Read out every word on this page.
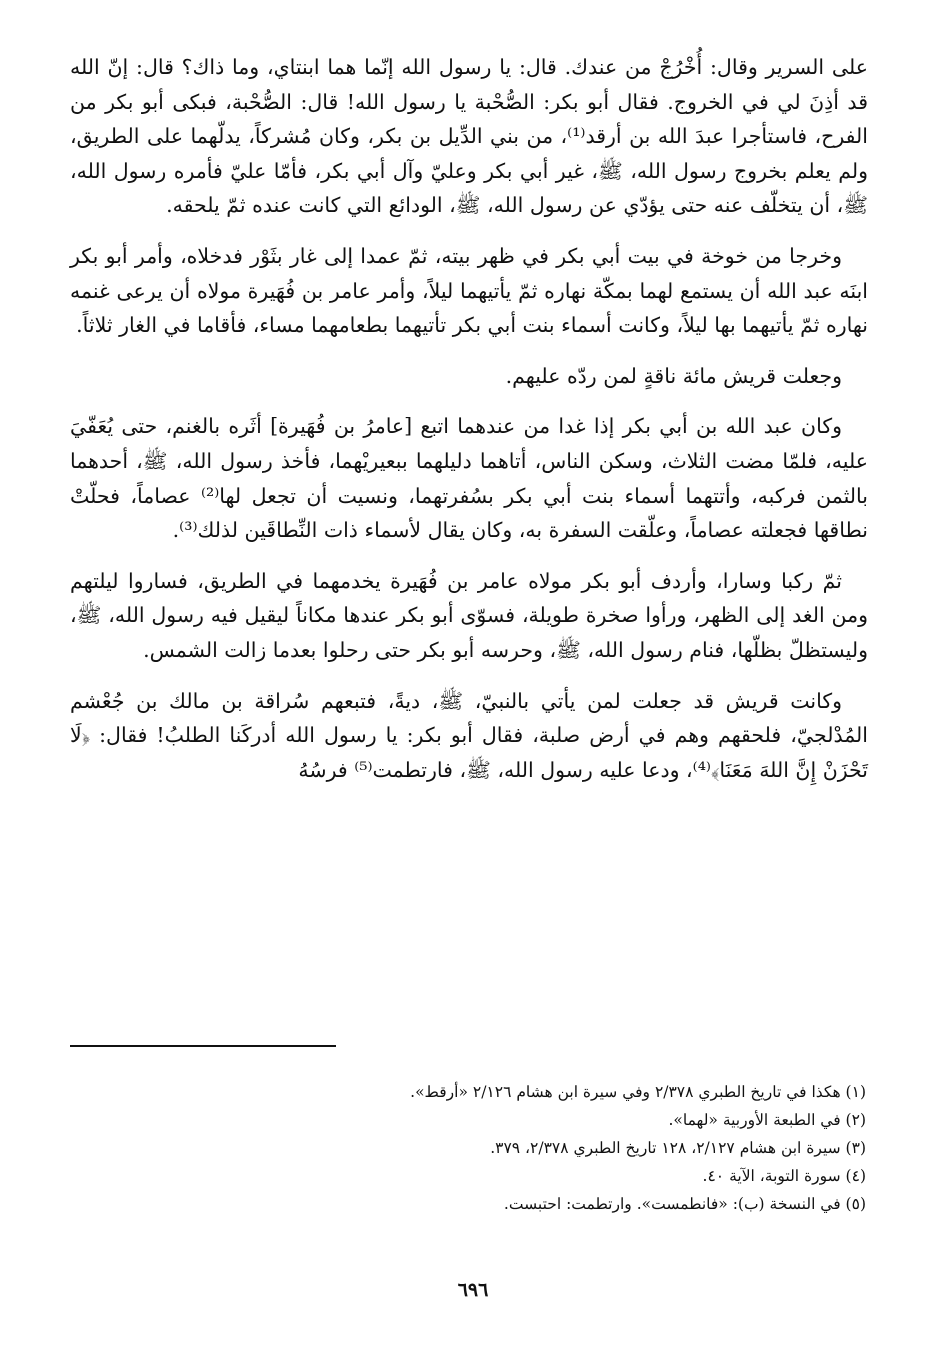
على السرير وقال: أُخْرُجْ من عندك. قال: يا رسول الله إنّما هما ابنتاي، وما ذاك؟ قال: إنّ الله قد أذِنَ لي في الخروج. فقال أبو بكر: الصُّحْبة يا رسول الله! قال: الصُّحْبة، فبكى أبو بكر من الفرح، فاستأجرا عبدَ الله بن أرقد⁽¹⁾، من بني الدِّيل بن بكر، وكان مُشركاً، يدلّهما على الطريق، ولم يعلم بخروج رسول الله، ﷺ، غير أبي بكر وعليّ وآل أبي بكر، فأمّا عليّ فأمره رسول الله، ﷺ، أن يتخلّف عنه حتى يؤدّي عن رسول الله، ﷺ، الودائع التي كانت عنده ثمّ يلحقه.

وخرجا من خوخة في بيت أبي بكر في ظهر بيته، ثمّ عمدا إلى غار بثَوْر فدخلاه، وأمر أبو بكر ابنَه عبد الله أن يستمع لهما بمكّة نهاره ثمّ يأتيهما ليلاً، وأمر عامر بن فُهَيرة مولاه أن يرعى غنمه نهاره ثمّ يأتيهما بها ليلاً، وكانت أسماء بنت أبي بكر تأتيهما بطعامهما مساء، فأقاما في الغار ثلاثاً.

وجعلت قريش مائة ناقةٍ لمن ردّه عليهم.

وكان عبد الله بن أبي بكر إذا غدا من عندهما اتبع [عامرُ بن فُهَيرة] أثَره بالغنم، حتى يُعَفّيَ عليه، فلمّا مضت الثلاث، وسكن الناس، أتاهما دليلهما ببعيريْهما، فأخذ رسول الله، ﷺ، أحدهما بالثمن فركبه، وأتتهما أسماء بنت أبي بكر بسُفرتهما، ونسيت أن تجعل لها⁽²⁾ عصاماً، فحلّتْ نطاقها فجعلته عصاماً، وعلّقت السفرة به، وكان يقال لأسماء ذات النِّطاقَين لذلك⁽³⁾.

ثمّ ركبا وسارا، وأردف أبو بكر مولاه عامر بن فُهَيرة يخدمهما في الطريق، فساروا ليلتهم ومن الغد إلى الظهر، ورأوا صخرة طويلة، فسوّى أبو بكر عندها مكاناً ليقيل فيه رسول الله، ﷺ، وليستظلّ بظلّها، فنام رسول الله، ﷺ، وحرسه أبو بكر حتى رحلوا بعدما زالت الشمس.

وكانت قريش قد جعلت لمن يأتي بالنبيّ، ﷺ، ديةً، فتبعهم سُراقة بن مالك بن جُعْشم المُدْلجيّ، فلحقهم وهم في أرض صلبة، فقال أبو بكر: يا رسول الله أدركَنا الطلبُ! فقال: ﴿لَا تَحْزَنْ إِنَّ اللهَ مَعَنَا﴾⁽⁴⁾، ودعا عليه رسول الله، ﷺ، فارتطمت⁽⁵⁾ فرسُهُ

(١) هكذا في تاريخ الطبري ٢/٣٧٨ وفي سيرة ابن هشام ٢/١٢٦ «أرقط».
(٢) في الطبعة الأوربية «لهما».
(٣) سيرة ابن هشام ٢/١٢٧، ١٢٨ تاريخ الطبري ٢/٣٧٨، ٣٧٩.
(٤) سورة التوبة، الآية ٤٠.
(٥) في النسخة (ب): «فانطمست». وارتطمت: احتبست.
٦٩٦
